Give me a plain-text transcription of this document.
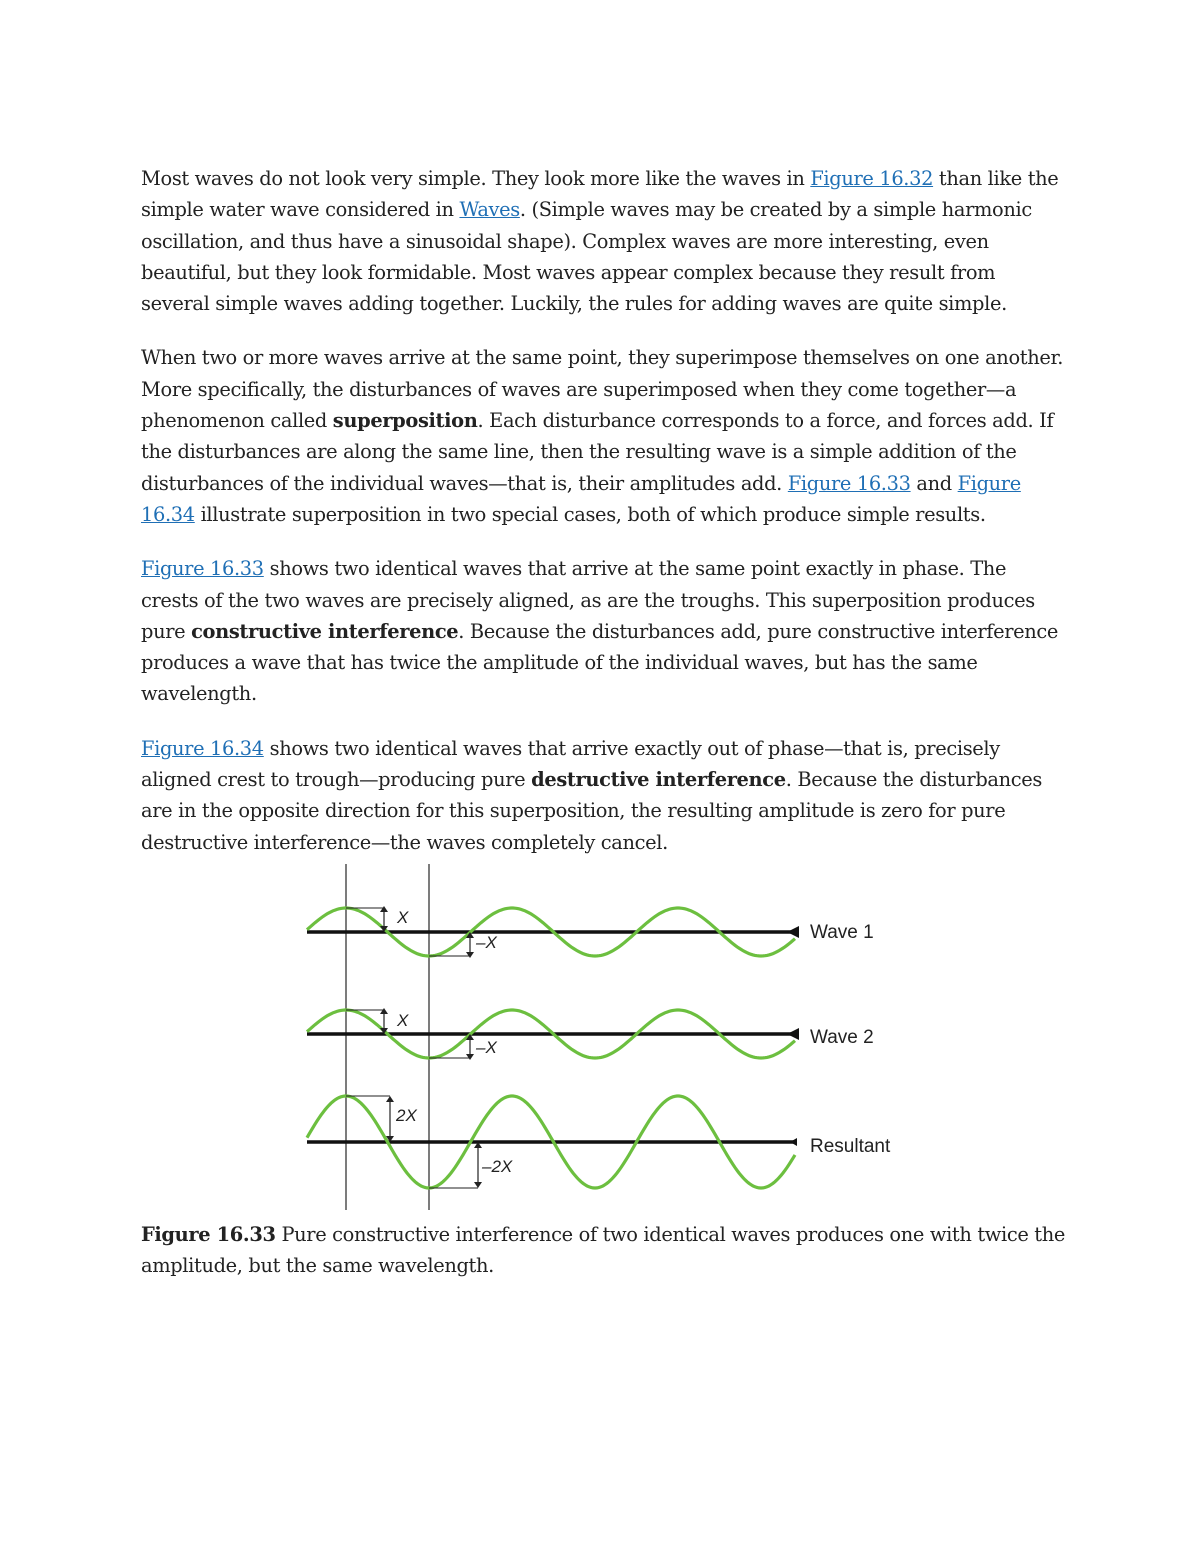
Most waves do not look very simple. They look more like the waves in Figure 16.32 than like the simple water wave considered in Waves. (Simple waves may be created by a simple harmonic oscillation, and thus have a sinusoidal shape). Complex waves are more interesting, even beautiful, but they look formidable. Most waves appear complex because they result from several simple waves adding together. Luckily, the rules for adding waves are quite simple.

When two or more waves arrive at the same point, they superimpose themselves on one another. More specifically, the disturbances of waves are superimposed when they come together—a phenomenon called superposition. Each disturbance corresponds to a force, and forces add. If the disturbances are along the same line, then the resulting wave is a simple addition of the disturbances of the individual waves—that is, their amplitudes add. Figure 16.33 and Figure 16.34 illustrate superposition in two special cases, both of which produce simple results.

Figure 16.33 shows two identical waves that arrive at the same point exactly in phase. The crests of the two waves are precisely aligned, as are the troughs. This superposition produces pure constructive interference. Because the disturbances add, pure constructive interference produces a wave that has twice the amplitude of the individual waves, but has the same wavelength.

Figure 16.34 shows two identical waves that arrive exactly out of phase—that is, precisely aligned crest to trough—producing pure destructive interference. Because the disturbances are in the opposite direction for this superposition, the resulting amplitude is zero for pure destructive interference—the waves completely cancel.

X
–X	Wave 1
X
–X	Wave 2
2X
–2X
Resultant
Figure 16.33 Pure constructive interference of two identical waves produces one with twice the amplitude, but the same wavelength.
